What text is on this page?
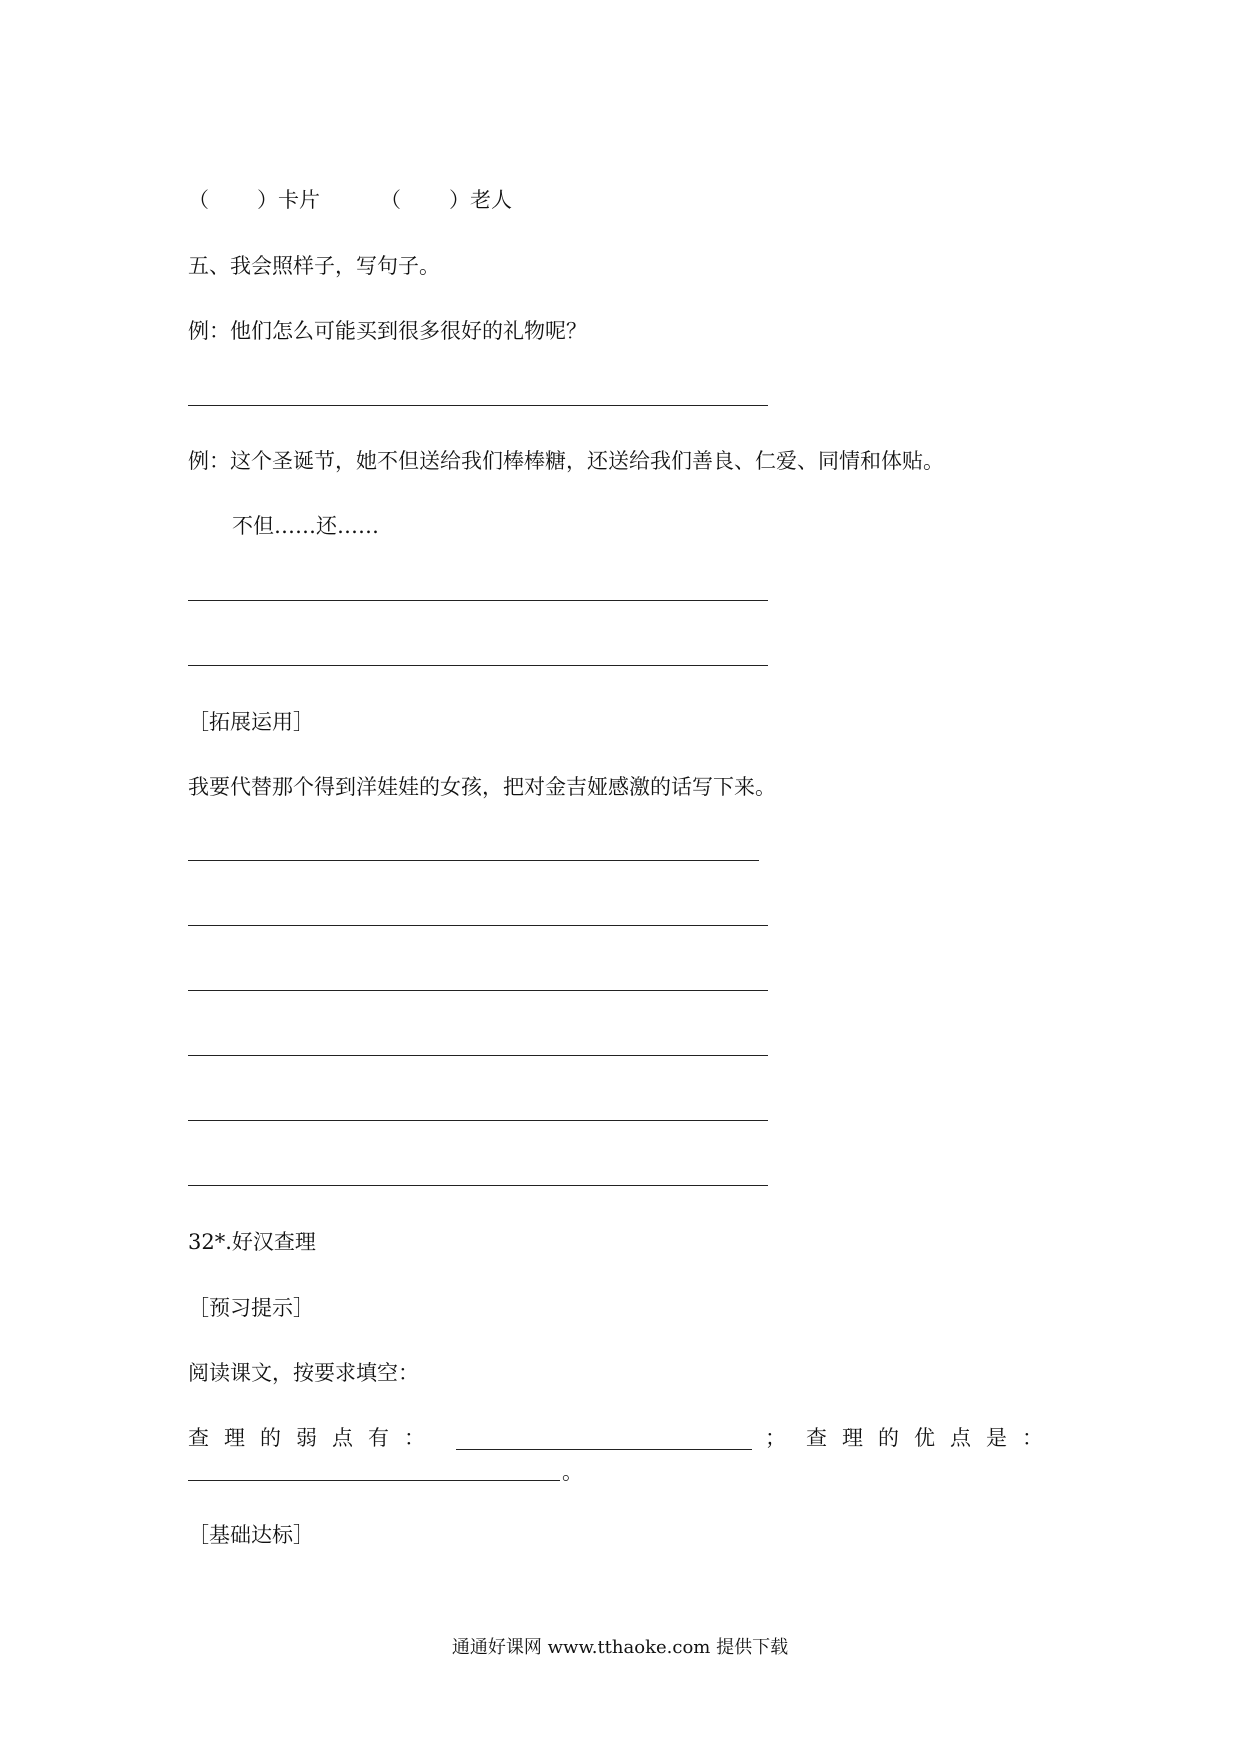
（ ）卡片	（ ）老人
五、我会照样子，写句子。
例：他们怎么可能买到很多很好的礼物呢？
例：这个圣诞节，她不但送给我们棒棒糖，还送给我们善良、仁爱、同情和体贴。
不但……还……
［拓展运用］
我要代替那个得到洋娃娃的女孩，把对金吉娅感激的话写下来。
32*.好汉查理
［预习提示］
阅读课文，按要求填空：
查理的弱点有：	； 查理的优点是：
。
［基础达标］
通通好课网 www.tthaoke.com 提供下载
